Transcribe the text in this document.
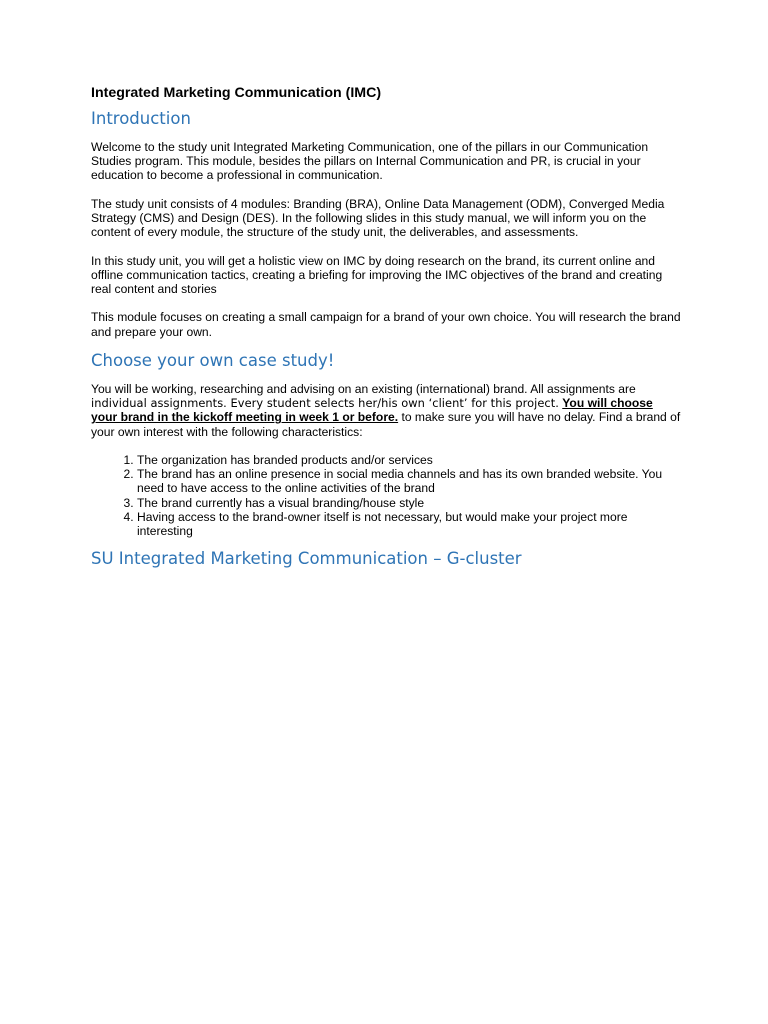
Integrated Marketing Communication (IMC)
Introduction

Welcome to the study unit Integrated Marketing Communication, one of the pillars in our Communication Studies program. This module, besides the pillars on Internal Communication and PR, is crucial in your education to become a professional in communication.

The study unit consists of 4 modules: Branding (BRA), Online Data Management (ODM), Converged Media Strategy (CMS) and Design (DES). In the following slides in this study manual, we will inform you on the content of every module, the structure of the study unit, the deliverables, and assessments.

In this study unit, you will get a holistic view on IMC by doing research on the brand, its current online and offline communication tactics, creating a briefing for improving the IMC objectives of the brand and creating real content and stories

This module focuses on creating a small campaign for a brand of your own choice. You will research the brand and prepare your own.

Choose your own case study!

You will be working, researching and advising on an existing (international) brand. All assignments are individual assignments. Every student selects her/his own ‘client’ for this project. You will choose your brand in the kickoff meeting in week 1 or before. to make sure you will have no delay. Find a brand of your own interest with the following characteristics:

1. The organization has branded products and/or services
2. The brand has an online presence in social media channels and has its own branded website. You need to have access to the online activities of the brand
3. The brand currently has a visual branding/house style
4. Having access to the brand-owner itself is not necessary, but would make your project more interesting
SU Integrated Marketing Communication – G-cluster
